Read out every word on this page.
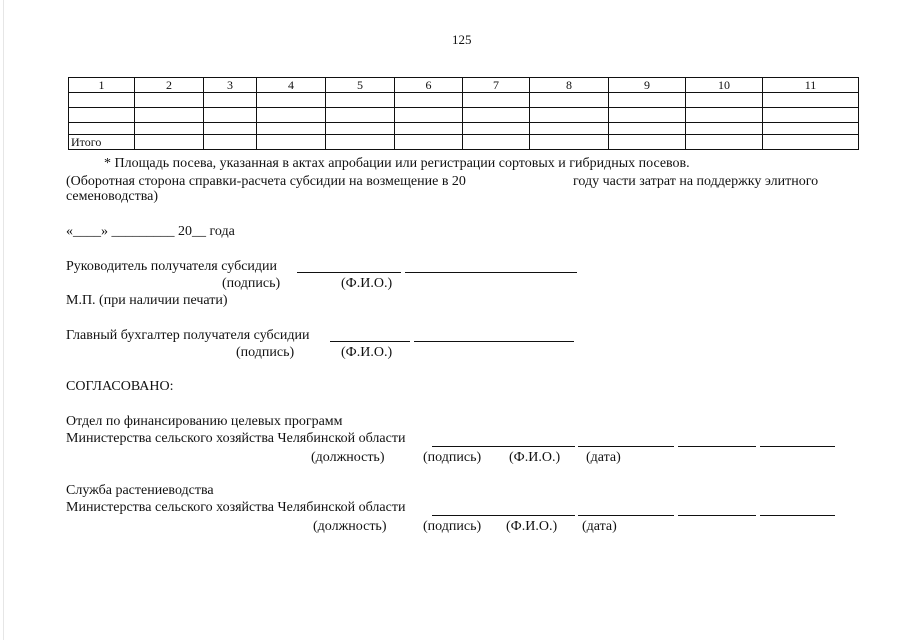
125
1	2	3	4	5	6	7	8	9	10	11

Итого										
* Площадь посева, указанная в актах апробации или регистрации сортовых и гибридных посевов.
(Оборотная сторона справки-расчета субсидии на возмещение в 20	году части затрат на поддержку элитного
семеноводства)
«____» _________ 20__ года
Руководитель получателя субсидии
(подпись)	(Ф.И.О.)
М.П. (при наличии печати)
Главный бухгалтер получателя субсидии
(подпись)	(Ф.И.О.)
СОГЛАСОВАНО:
Отдел по финансированию целевых программ
Министерства сельского хозяйства Челябинской области
(должность)	(подпись) (Ф.И.О.) (дата)
Служба растениеводства
Министерства сельского хозяйства Челябинской области
(должность)	(подпись) (Ф.И.О.) (дата)
